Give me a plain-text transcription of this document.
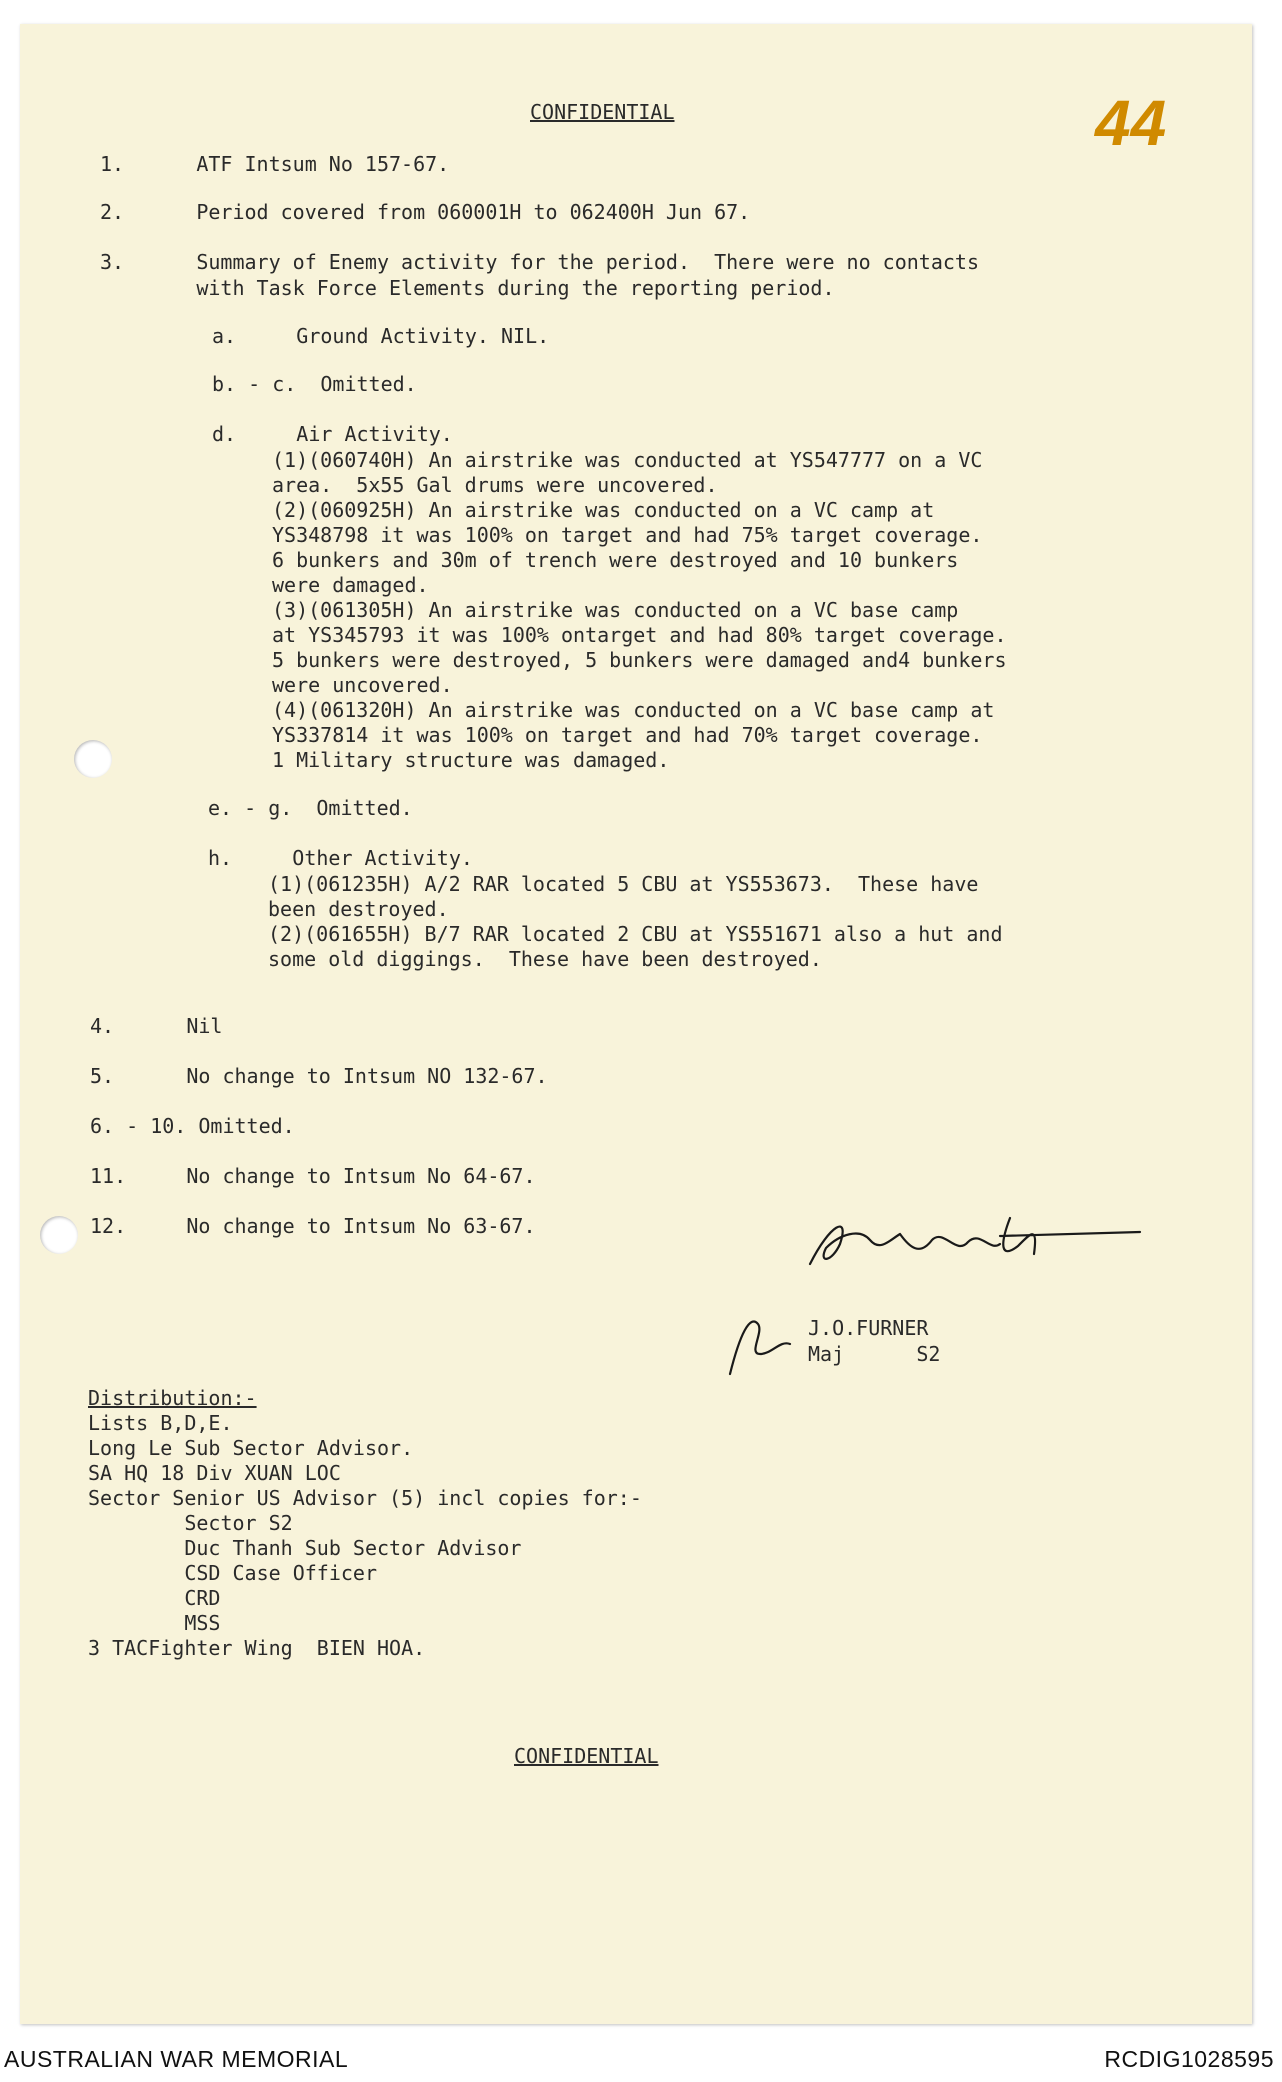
44
CONFIDENTIAL
1.      ATF Intsum No 157-67.
2.      Period covered from 060001H to 062400H Jun 67.
3.      Summary of Enemy activity for the period.  There were no contacts
with Task Force Elements during the reporting period.
a.     Ground Activity. NIL.
b. - c.  Omitted.
d.     Air Activity.
(1)(060740H) An airstrike was conducted at YS547777 on a VC
area.  5x55 Gal drums were uncovered.
(2)(060925H) An airstrike was conducted on a VC camp at
YS348798 it was 100% on target and had 75% target coverage.
6 bunkers and 30m of trench were destroyed and 10 bunkers
were damaged.
(3)(061305H) An airstrike was conducted on a VC base camp
at YS345793 it was 100% ontarget and had 80% target coverage.
5 bunkers were destroyed, 5 bunkers were damaged and4 bunkers
were uncovered.
(4)(061320H) An airstrike was conducted on a VC base camp at
YS337814 it was 100% on target and had 70% target coverage.
1 Military structure was damaged.
e. - g.  Omitted.
h.     Other Activity.
(1)(061235H) A/2 RAR located 5 CBU at YS553673.  These have
been destroyed.
(2)(061655H) B/7 RAR located 2 CBU at YS551671 also a hut and
some old diggings.  These have been destroyed.
4.      Nil
5.      No change to Intsum NO 132-67.
6. - 10. Omitted.
11.     No change to Intsum No 64-67.
12.     No change to Intsum No 63-67.
J.O.FURNER
Maj      S2
Distribution:-
Lists B,D,E.
Long Le Sub Sector Advisor.
SA HQ 18 Div XUAN LOC
Sector Senior US Advisor (5) incl copies for:-
Sector S2
Duc Thanh Sub Sector Advisor
CSD Case Officer
CRD
MSS
3 TACFighter Wing  BIEN HOA.
CONFIDENTIAL
AUSTRALIAN WAR MEMORIAL	RCDIG1028595
